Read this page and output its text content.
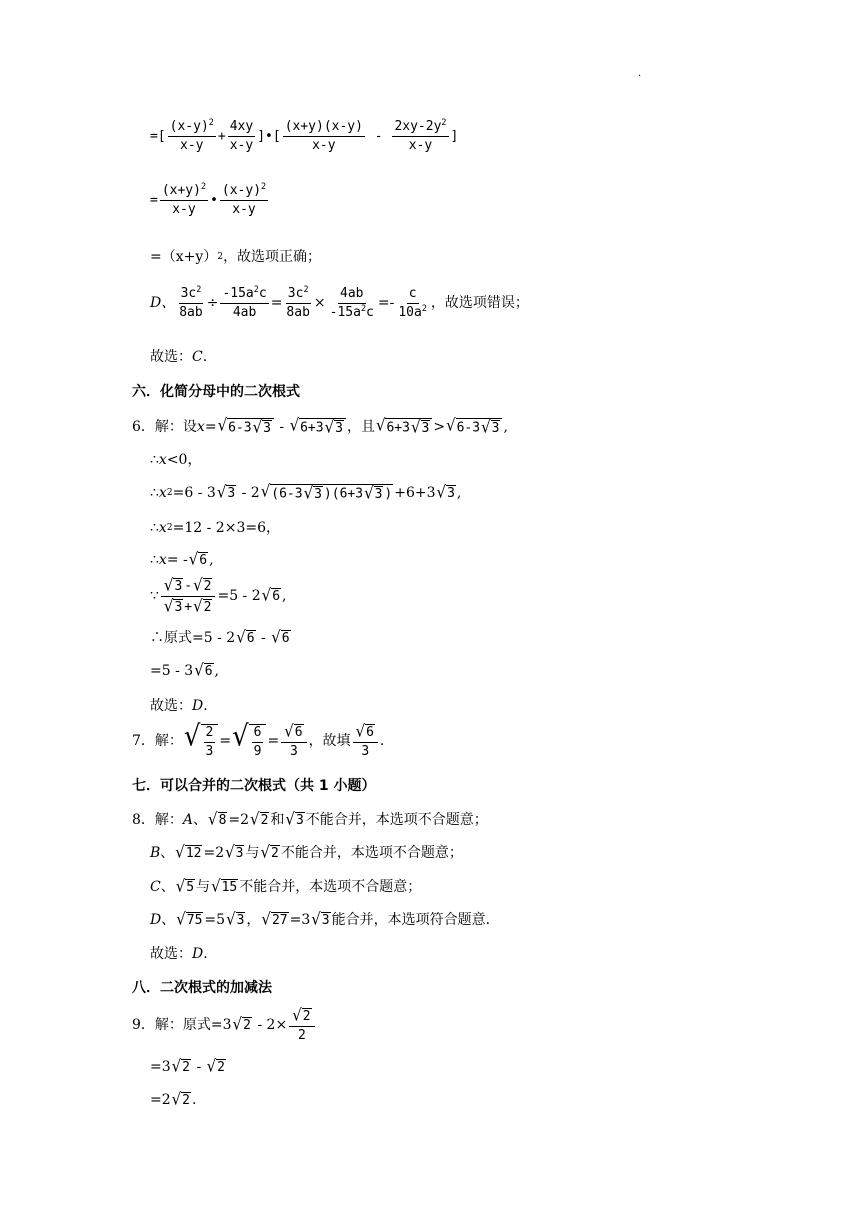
.
=[ $\frac{(x-y)^2}{x-y} + \frac{4xy}{x-y}$ ]•[ $\frac{(x+y)(x-y)}{x-y} - \frac{2xy-2y^2}{x-y}$ ]
= $\frac{(x+y)^2}{x-y}$ • $\frac{(x-y)^2}{x-y}$
=（x+y） 2 ，故选项正确；
D、 $\frac{3c^2}{8ab} \div \frac{-15a^2c}{4ab} = \frac{3c^2}{8ab} \times \frac{4ab}{-15a^2c} =- \frac{c}{10a^2}$ ，故选项错误；
故选： C .
六．化简分母中的二次根式
6．解：设 x = √ 6-3 √ 3 - √ 6+3 √ 3 ，且 √ 6+3 √ 3 > √ 6-3 √ 3 ,
∴ x <0，
∴ x 2 =6 - 3 √ 3 - 2 √ (6-3 √ 3 )(6+3 √ 3 ) +6+3 √ 3 ,
∴ x 2 =12 - 2×3=6，
∴ x = - √ 6 ,
∵ $\frac{√ 3 - √ 2}{√ 3 + √ 2} =5 - 2$ √ 6 ,
∴原式=5 - 2 √ 6 - √ 6
=5 - 3 √ 6 ,
故选： D .
7．解： √ $\frac{2}{3}$ = √ $\frac{6}{9} = \frac{√ 6}{3}$ ，故填 $\frac{√ 6}{3}$ .
七．可以合并的二次根式（共 1 小题）
8．解： A 、 √ 8 =2 √ 2 和 √ 3 不能合并，本选项不合题意；
B 、 √ 12 =2 √ 3 与 √ 2 不能合并，本选项不合题意；
C 、 √ 5 与 √ 15 不能合并，本选项不合题意；
D 、 √ 75 =5 √ 3 ， √ 27 =3 √ 3 能合并，本选项符合题意．
故选： D .
八．二次根式的加减法
9．解：原式=3 √ $2 - 2\times \frac{√ 2}{2}$
=3 √ 2 - √ 2
=2 √ 2 .
